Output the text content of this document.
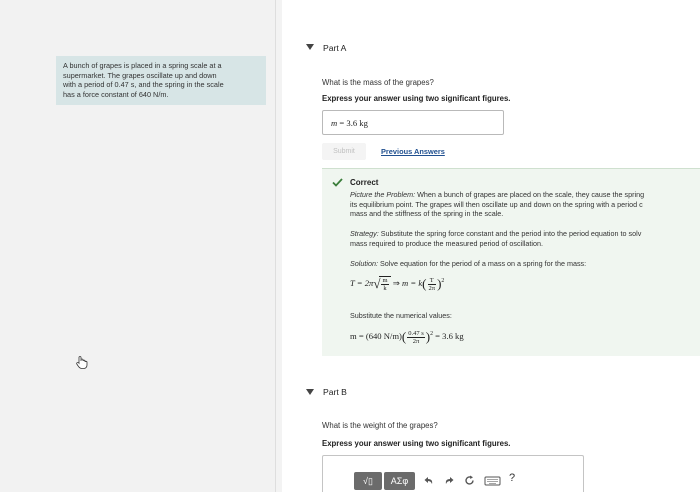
A bunch of grapes is placed in a spring scale at a
supermarket. The grapes oscillate up and down
with a period of 0.47 s, and the spring in the scale
has a force constant of 640 N/m.
Part A
What is the mass of the grapes?
Express your answer using two significant figures.
m = 3.6 kg
Submit	Previous Answers
Correct
Picture the Problem: When a bunch of grapes are placed on the scale, they cause the spring
its equilibrium point. The grapes will then oscillate up and down on the spring with a period c
mass and the stiffness of the spring in the scale.
Strategy: Substitute the spring force constant and the period into the period equation to solv
mass required to produce the measured period of oscillation.
Solution: Solve equation for the period of a mass on a spring for the mass:
$T = 2\pi√ \frac{m}{k}$ ⇒ $m = k( \frac{T}{2\pi} )^2$
Substitute the numerical values:
m = (640 $N/m)( \frac{0.47 s}{2\pi} )^2 = 3.6$ kg
Part B
What is the weight of the grapes?
Express your answer using two significant figures.
√▯	ΑΣφ	?
